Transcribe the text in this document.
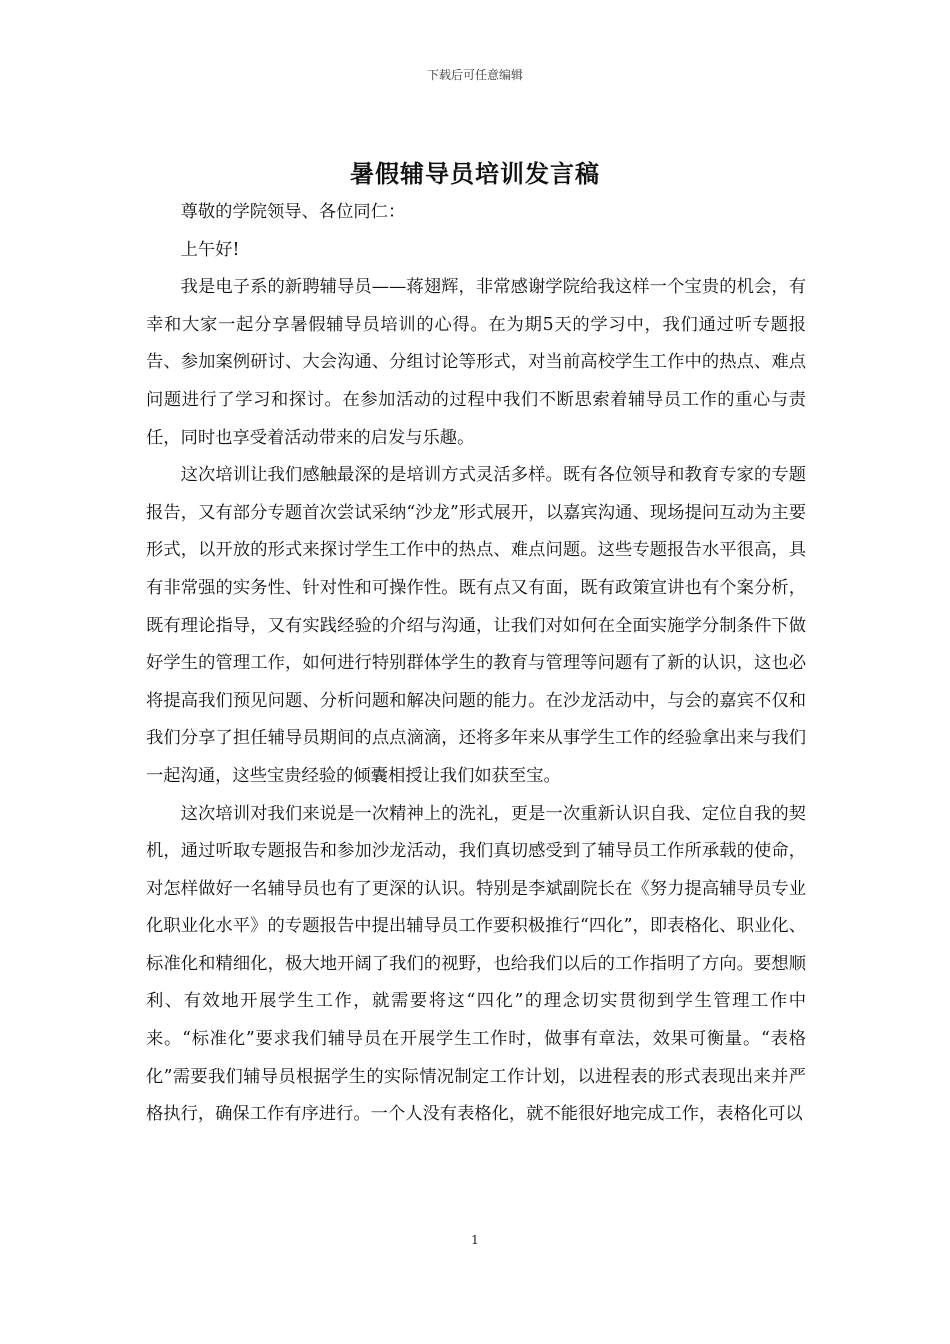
下载后可任意编辑
暑假辅导员培训发言稿

尊敬的学院领导、各位同仁：

上午好!

我是电子系的新聘辅导员——蒋翅辉，非常感谢学院给我这样一个宝贵的机会，有幸和大家一起分享暑假辅导员培训的心得。在为期5天的学习中，我们通过听专题报告、参加案例研讨、大会沟通、分组讨论等形式，对当前高校学生工作中的热点、难点问题进行了学习和探讨。在参加活动的过程中我们不断思索着辅导员工作的重心与责任，同时也享受着活动带来的启发与乐趣。

这次培训让我们感触最深的是培训方式灵活多样。既有各位领导和教育专家的专题报告，又有部分专题首次尝试采纳“沙龙”形式展开，以嘉宾沟通、现场提问互动为主要形式，以开放的形式来探讨学生工作中的热点、难点问题。这些专题报告水平很高，具有非常强的实务性、针对性和可操作性。既有点又有面，既有政策宣讲也有个案分析，既有理论指导，又有实践经验的介绍与沟通，让我们对如何在全面实施学分制条件下做好学生的管理工作，如何进行特别群体学生的教育与管理等问题有了新的认识，这也必将提高我们预见问题、分析问题和解决问题的能力。在沙龙活动中，与会的嘉宾不仅和我们分享了担任辅导员期间的点点滴滴，还将多年来从事学生工作的经验拿出来与我们一起沟通，这些宝贵经验的倾囊相授让我们如获至宝。

这次培训对我们来说是一次精神上的洗礼，更是一次重新认识自我、定位自我的契机，通过听取专题报告和参加沙龙活动，我们真切感受到了辅导员工作所承载的使命，对怎样做好一名辅导员也有了更深的认识。特别是李斌副院长在《努力提高辅导员专业化职业化水平》的专题报告中提出辅导员工作要积极推行“四化”，即表格化、职业化、标准化和精细化，极大地开阔了我们的视野，也给我们以后的工作指明了方向。要想顺利、有效地开展学生工作，就需要将这“四化”的理念切实贯彻到学生管理工作中来。“标准化”要求我们辅导员在开展学生工作时，做事有章法，效果可衡量。“表格化”需要我们辅导员根据学生的实际情况制定工作计划，以进程表的形式表现出来并严格执行，确保工作有序进行。一个人没有表格化，就不能很好地完成工作，表格化可以

1
